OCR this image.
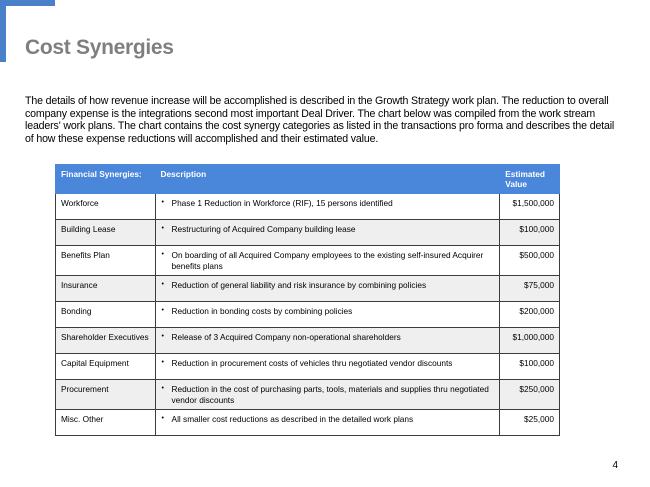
Cost Synergies

The details of how revenue increase will be accomplished is described in the Growth Strategy work plan. The reduction to overall company expense is the integrations second most important Deal Driver. The chart below was compiled from the work stream leaders' work plans. The chart contains the cost synergy categories as listed in the transactions pro forma and describes the detail of how these expense reductions will accomplished and their estimated value.

Financial Synergies:	Description	Estimated Value
Workforce	• Phase 1 Reduction in Workforce (RIF), 15 persons identified	$1,500,000
Building Lease	• Restructuring of Acquired Company building lease	$100,000
Benefits Plan	• On boarding of all Acquired Company employees to the existing self-insured Acquirer benefits plans	$500,000
Insurance	• Reduction of general liability and risk insurance by combining policies	$75,000
Bonding	• Reduction in bonding costs by combining policies	$200,000
Shareholder Executives	• Release of 3 Acquired Company non-operational shareholders	$1,000,000
Capital Equipment	• Reduction in procurement costs of vehicles thru negotiated vendor discounts	$100,000
Procurement	• Reduction in the cost of purchasing parts, tools, materials and supplies thru negotiated vendor discounts	$250,000
Misc. Other	• All smaller cost reductions as described in the detailed work plans	$25,000
4
